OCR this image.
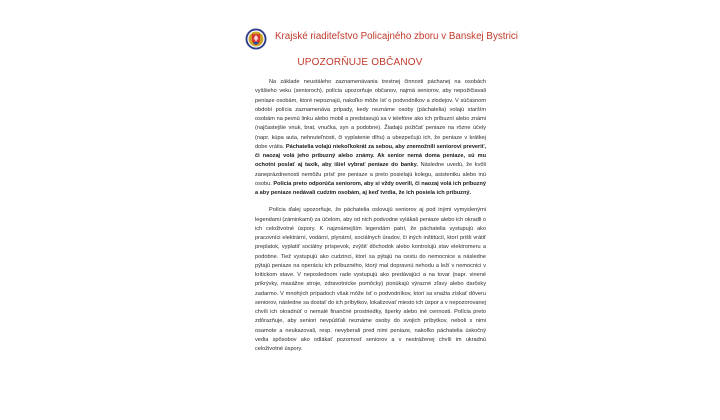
Krajské riaditeľstvo Policajného zboru v Banskej Bystrici
UPOZORŇUJE OBČANOV

Na základe neustáleho zaznamenávania trestnej činnosti páchanej na osobách vyššieho veku (senioroch), polícia upozorňuje občanov, najmä seniorov, aby nepožičiavali peniaze osobám, ktoré nepoznajú, nakoľko môže ísť o podvodníkov a zlodejov. V súčasnom období polícia zaznamenáva prípady, kedy neznáme osoby (páchatelia) volajú starším osobám na pevnú linku alebo mobil a predstavujú sa v telefóne ako ich príbuzní alebo známi (najčastejšie vnuk, brat, vnučka, syn a podobne). Žiadajú požičať peniaze na rôzne účely (napr. kúpa auta, nehnuteľnosti, či vyplatenie dlhu) a ubezpečujú ich, že peniaze v krátkej dobe vrátia. Páchatelia volajú niekoľkokrát za sebou, aby znemožnili seniorovi preveriť, či naozaj volá jeho príbuzný alebo známy. Ak senior nemá doma peniaze, sú mu ochotní poslať aj taxík, aby išiel vybrať peniaze do banky. Následne uvedú, že kvôli zaneprázdnenosti nemôžu prísť pre peniaze a preto posielajú kolegu, asistentku alebo inú osobu. Polícia preto odporúča seniorom, aby si vždy overili, či naozaj volá ich príbuzný a aby peniaze nedávali cudzím osobám, aj keď tvrdia, že ich posiela ich príbuzný.

Polícia ďalej upozorňuje, že páchatelia oslovujú seniorov aj pod inými vymyslenými legendami (záminkami) za účelom, aby od nich podvodne vylákali peniaze alebo ich okradli o ich celoživotné úspory. K najznámejším legendám patrí, že páchatelia vystupujú ako pracovníci elektrární, vodární, plynární, sociálnych úradov, či iných inštitúcií, ktorí prišli vrátiť preplatok, vyplatiť sociálny príspevok, zvýšiť dôchodok alebo kontrolujú stav elektromeru a podobne. Tiež vystupujú ako cudzinci, ktorí sa pýtajú na cestu do nemocnice a následne pýtajú peniaze na operáciu ich príbuzného, ktorý mal dopravnú nehodu a leží v nemocnici v kritickom stave. V neposlednom rade vystupujú ako predávajúci a na tovar (napr. vinené prikrývky, masážne stroje, zdravotnícke pomôcky) ponúkajú výrazné zľavy alebo darčeky zadarmo. V mnohých prípadoch však môže ísť o podvodníkov, ktorí sa snažia získať dôveru seniorov, následne sa dostať do ich príbytkov, lokalizovať miesto ich úspor a v nepozorovanej chvíli ich okradnúť o nemalé finančné prostriedky, šperky alebo iné cennosti. Polícia preto zdôrazňuje, aby seniori nevpúšťali neznáme osoby do svojich príbytkov, neboli s nimi osamote a neukazovali, resp. nevyberali pred nimi peniaze, nakoľko páchatelia úskočný vedia spôsobov ako odlákať pozornosť seniorov a v nestráženej chvíli im ukradnú celoživotné úspory.
